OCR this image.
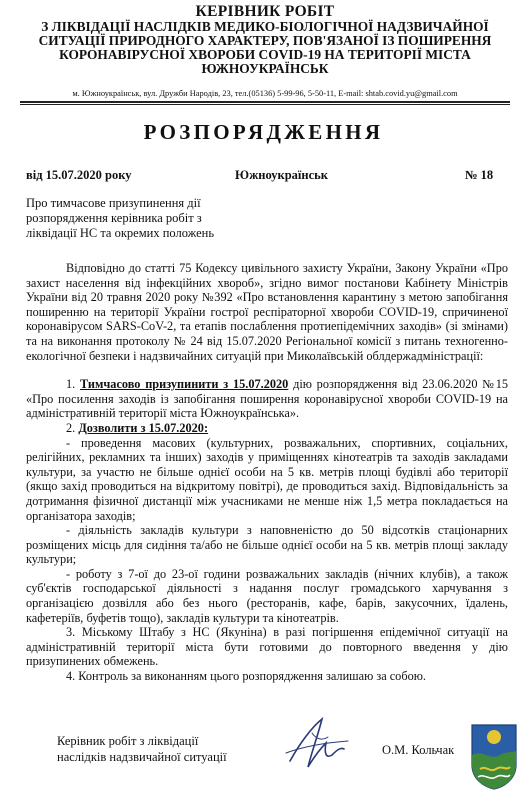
КЕРІВНИК РОБІТ
З ЛІКВІДАЦІЇ НАСЛІДКІВ МЕДИКО-БІОЛОГІЧНОЇ НАДЗВИЧАЙНОЇ
СИТУАЦІЇ ПРИРОДНОГО ХАРАКТЕРУ, ПОВ'ЯЗАНОЇ ІЗ ПОШИРЕННЯ
КОРОНАВІРУСНОЇ ХВОРОБИ COVID-19 НА ТЕРИТОРІЇ МІСТА
ЮЖНОУКРАЇНСЬК
м. Южноукраїнськ, вул. Дружби Народів, 23, тел.(05136) 5-99-96, 5-50-11, E-mail: shtab.covid.yu@gmail.com
РОЗПОРЯДЖЕННЯ
від 15.07.2020 року	Южноукраїнськ	№ 18
Про тимчасове призупинення дії
розпорядження керівника робіт з
ліквідації НС та окремих положень

Відповідно до статті 75 Кодексу цивільного захисту України, Закону України «Про захист населення від інфекційних хвороб», згідно вимог постанови Кабінету Міністрів України від 20 травня 2020 року №392 «Про встановлення карантину з метою запобігання поширенню на території України гострої респіраторної хвороби COVID-19, спричиненої коронавірусом SARS-CoV-2, та етапів послаблення протиепідемічних заходів» (зі змінами) та на виконання протоколу № 24 від 15.07.2020 Регіональної комісії з питань техногенно-екологічної безпеки і надзвичайних ситуацій при Миколаївській облдержадміністрації:

1. Тимчасово призупинити з 15.07.2020 дію розпорядження від 23.06.2020 №15 «Про посилення заходів із запобігання поширення коронавірусної хвороби COVID-19 на адміністративній території міста Южноукраїнська».

2. Дозволити з 15.07.2020:

- проведення масових (культурних, розважальних, спортивних, соціальних, релігійних, рекламних та інших) заходів у приміщеннях кінотеатрів та заходів закладами культури, за участю не більше однієї особи на 5 кв. метрів площі будівлі або території (якщо захід проводиться на відкритому повітрі), де проводиться захід. Відповідальність за дотримання фізичної дистанції між учасниками не менше ніж 1,5 метра покладається на організатора заходів;

- діяльність закладів культури з наповненістю до 50 відсотків стаціонарних розміщених місць для сидіння та/або не більше однієї особи на 5 кв. метрів площі закладу культури;

- роботу з 7-ої до 23-ої години розважальних закладів (нічних клубів), а також суб'єктів господарської діяльності з надання послуг громадського харчування з організацією дозвілля або без нього (ресторанів, кафе, барів, закусочних, їдалень, кафетеріїв, буфетів тощо), закладів культури та кінотеатрів.

3. Міському Штабу з НС (Якуніна) в разі погіршення епідемічної ситуації на адміністративній території міста бути готовими до повторного введення у дію призупинених обмежень.

4. Контроль за виконанням цього розпорядження залишаю за собою.

Керівник робіт з ліквідації
наслідків надзвичайної ситуації	О.М. Кольчак
